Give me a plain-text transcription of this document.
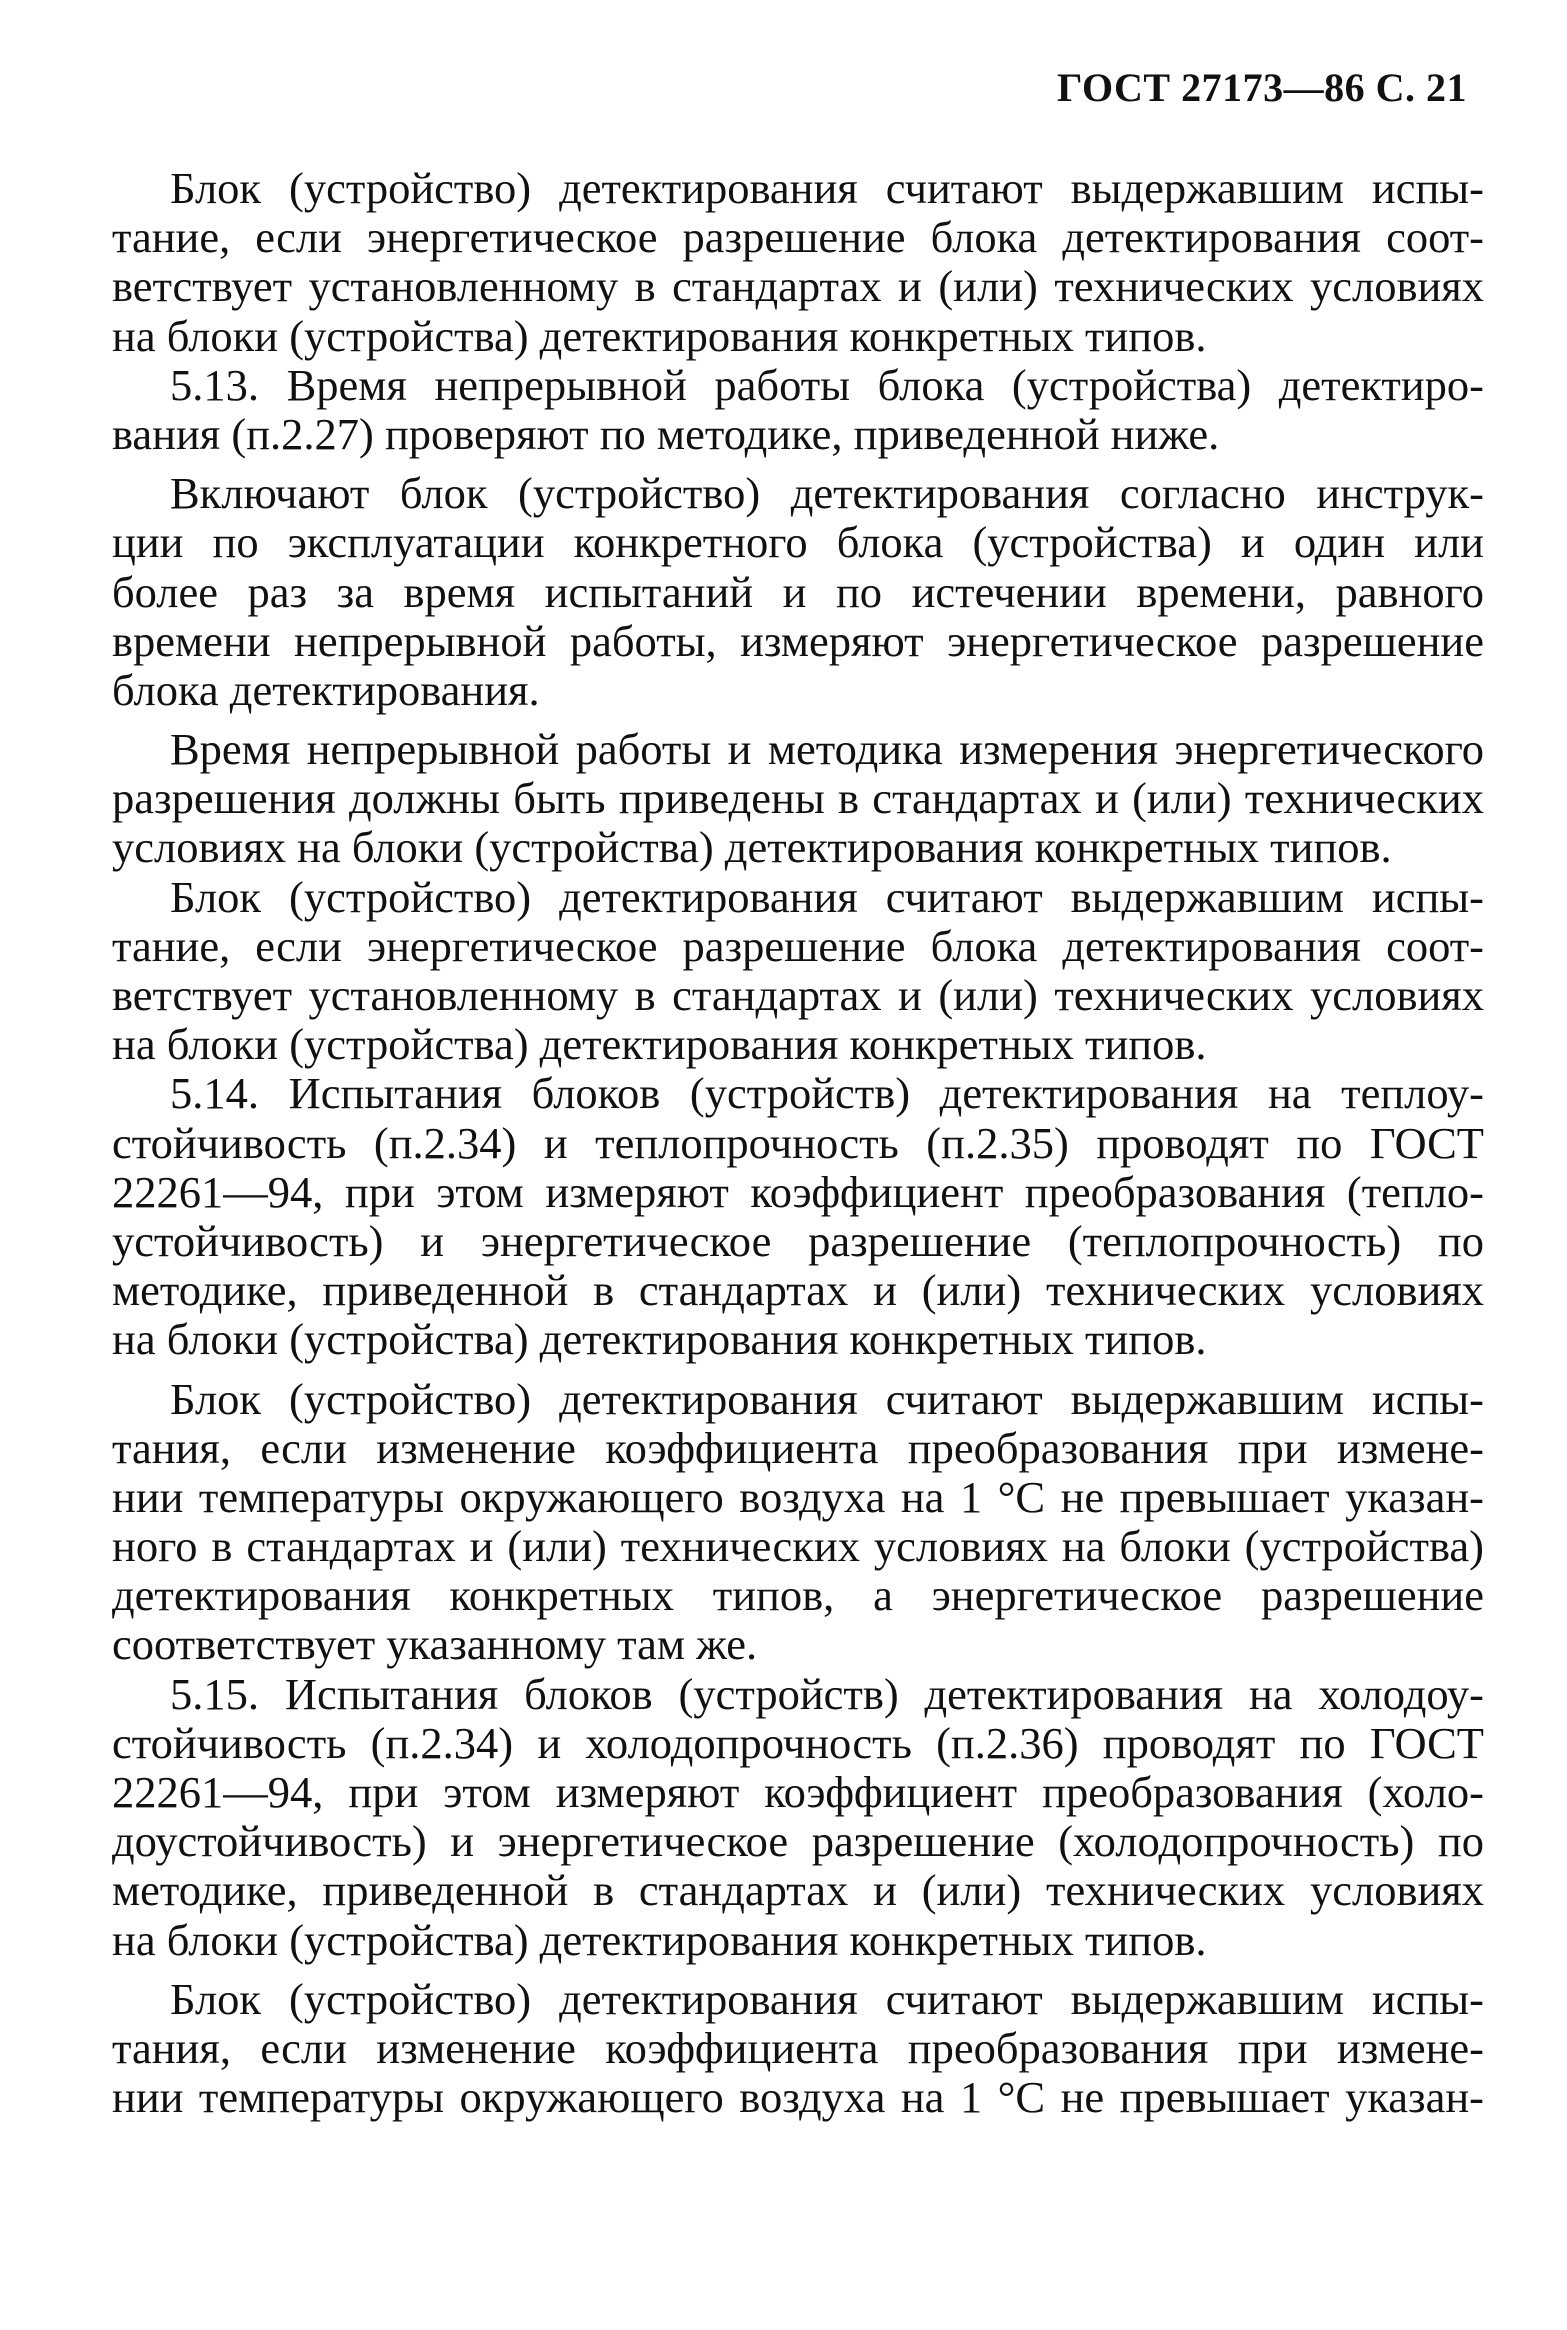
ГОСТ 27173—86 С. 21
Блок (устройство) детектирования считают выдержавшим испы-
тание, если энергетическое разрешение блока детектирования соот-
ветствует установленному в стандартах и (или) технических условиях
на блоки (устройства) детектирования конкретных типов.
5.13. Время непрерывной работы блока (устройства) детектиро-
вания (п.2.27) проверяют по методике, приведенной ниже.
Включают блок (устройство) детектирования согласно инструк-
ции по эксплуатации конкретного блока (устройства) и один или
более раз за время испытаний и по истечении времени, равного
времени непрерывной работы, измеряют энергетическое разрешение
блока детектирования.
Время непрерывной работы и методика измерения энергетического
разрешения должны быть приведены в стандартах и (или) технических
условиях на блоки (устройства) детектирования конкретных типов.
Блок (устройство) детектирования считают выдержавшим испы-
тание, если энергетическое разрешение блока детектирования соот-
ветствует установленному в стандартах и (или) технических условиях
на блоки (устройства) детектирования конкретных типов.
5.14. Испытания блоков (устройств) детектирования на теплоу-
стойчивость (п.2.34) и теплопрочность (п.2.35) проводят по ГОСТ
22261—94, при этом измеряют коэффициент преобразования (тепло-
устойчивость) и энергетическое разрешение (теплопрочность) по
методике, приведенной в стандартах и (или) технических условиях
на блоки (устройства) детектирования конкретных типов.
Блок (устройство) детектирования считают выдержавшим испы-
тания, если изменение коэффициента преобразования при измене-
нии температуры окружающего воздуха на 1 °С не превышает указан-
ного в стандартах и (или) технических условиях на блоки (устройства)
детектирования конкретных типов, а энергетическое разрешение
соответствует указанному там же.
5.15. Испытания блоков (устройств) детектирования на холодоу-
стойчивость (п.2.34) и холодопрочность (п.2.36) проводят по ГОСТ
22261—94, при этом измеряют коэффициент преобразования (холо-
доустойчивость) и энергетическое разрешение (холодопрочность) по
методике, приведенной в стандартах и (или) технических условиях
на блоки (устройства) детектирования конкретных типов.
Блок (устройство) детектирования считают выдержавшим испы-
тания, если изменение коэффициента преобразования при измене-
нии температуры окружающего воздуха на 1 °С не превышает указан-
